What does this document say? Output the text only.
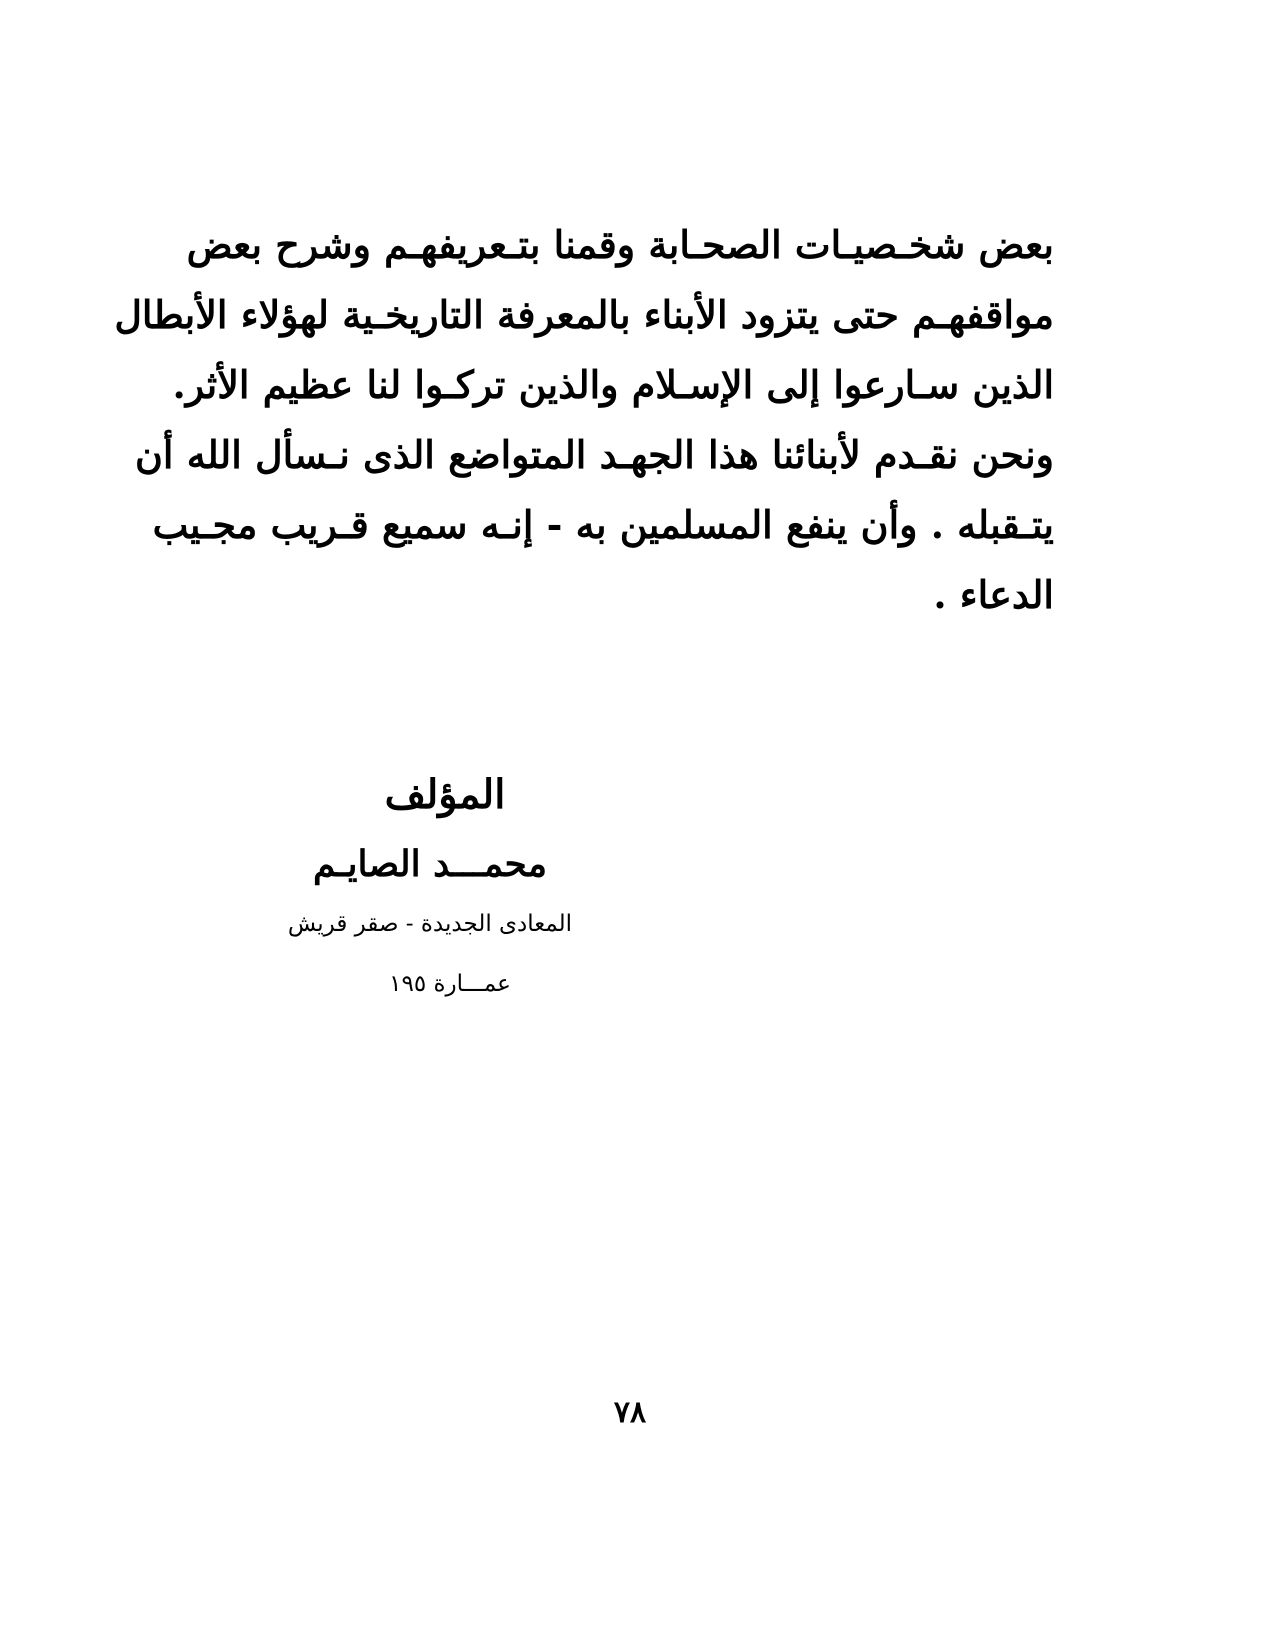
بعض شخـصيـات الصحـابة وقمنا بتـعريفهـم وشرح بعض
مواقفهـم حتى يتزود الأبناء بالمعرفة التاريخـية لهؤلاء الأبطال
الذين سـارعوا إلى الإسـلام والذين تركـوا لنا عظيم الأثر.
ونحن نقـدم لأبنائنا هذا الجهـد المتواضع الذى نـسأل الله أن
يتـقبله . وأن ينفع المسلمين به - إنـه سميع قـريب مجـيب
الدعاء .
المؤلف
محمـــد الصايـم
المعادى الجديدة - صقر قريش
عمـــارة ١٩٥
٧٨
